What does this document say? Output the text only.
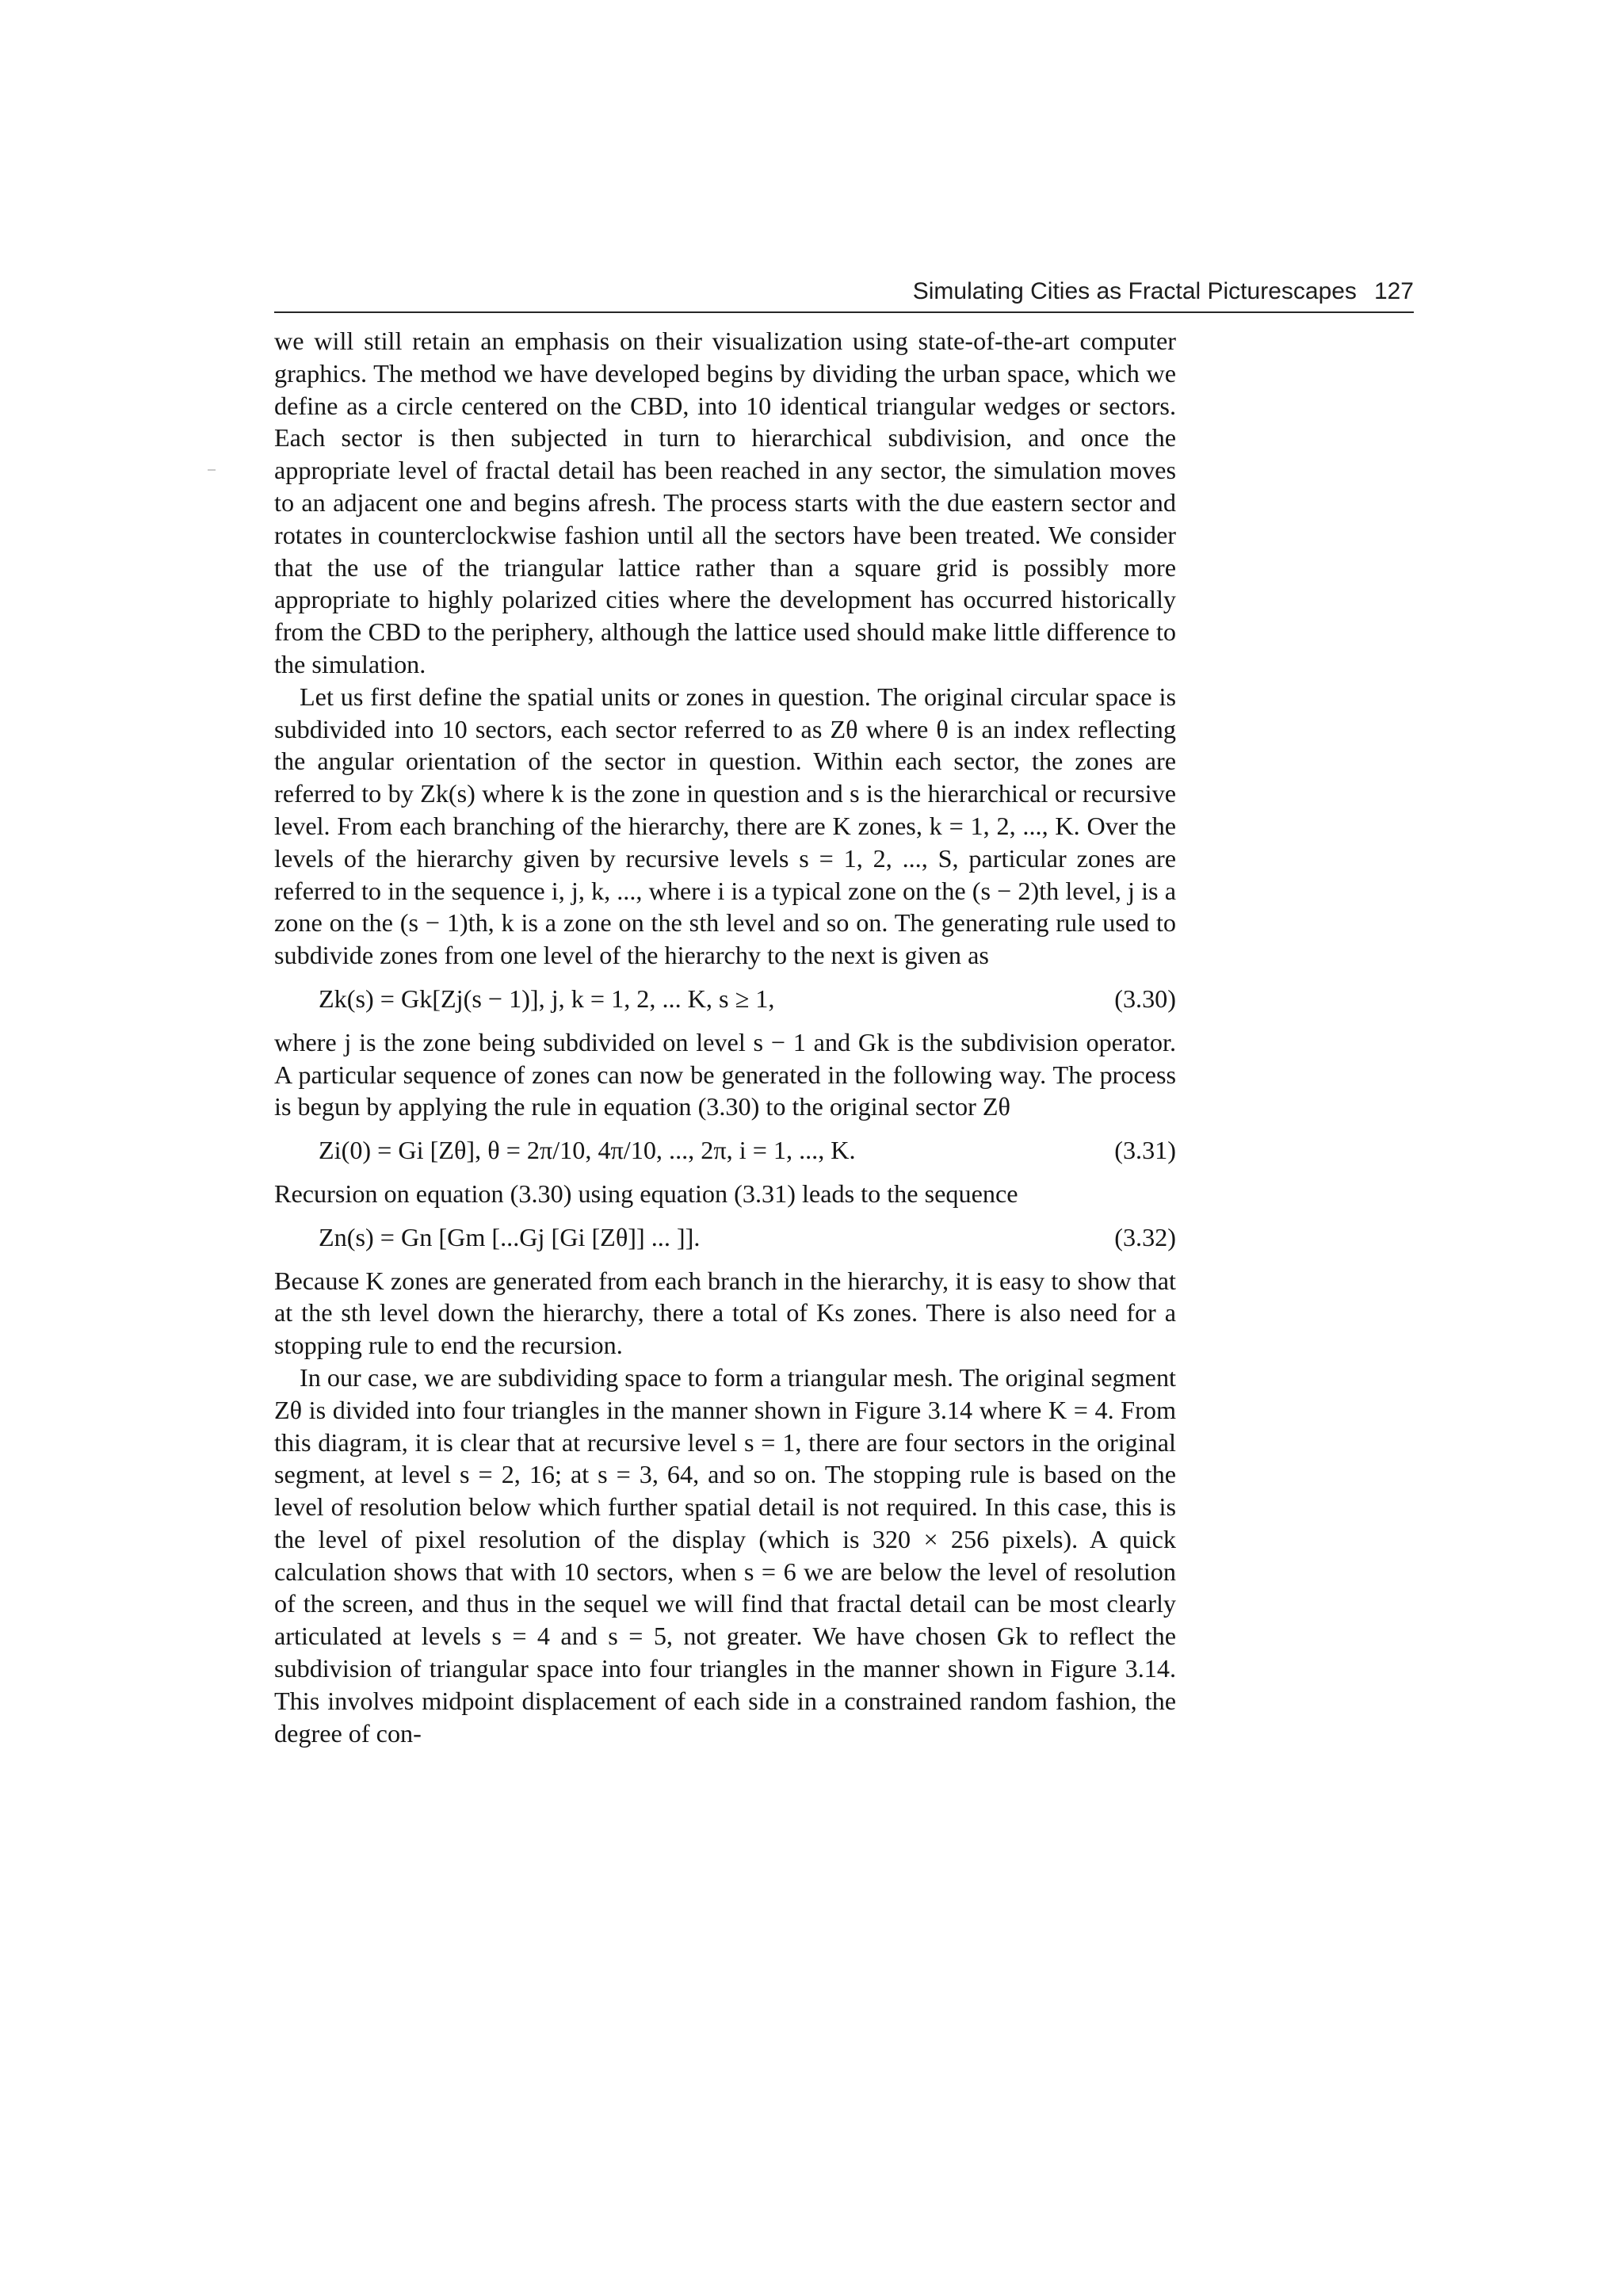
Simulating Cities as Fractal Picturescapes 127

we will still retain an emphasis on their visualization using state-of-the-art computer graphics. The method we have developed begins by dividing the urban space, which we define as a circle centered on the CBD, into 10 identical triangular wedges or sectors. Each sector is then subjected in turn to hierarchical subdivision, and once the appropriate level of fractal detail has been reached in any sector, the simulation moves to an adjacent one and begins afresh. The process starts with the due eastern sector and rotates in counterclockwise fashion until all the sectors have been treated. We consider that the use of the triangular lattice rather than a square grid is possibly more appropriate to highly polarized cities where the development has occurred historically from the CBD to the periphery, although the lattice used should make little difference to the simulation.

Let us first define the spatial units or zones in question. The original circular space is subdivided into 10 sectors, each sector referred to as Zθ where θ is an index reflecting the angular orientation of the sector in question. Within each sector, the zones are referred to by Zk(s) where k is the zone in question and s is the hierarchical or recursive level. From each branching of the hierarchy, there are K zones, k = 1, 2, ..., K. Over the levels of the hierarchy given by recursive levels s = 1, 2, ..., S, particular zones are referred to in the sequence i, j, k, ..., where i is a typical zone on the (s − 2)th level, j is a zone on the (s − 1)th, k is a zone on the sth level and so on. The generating rule used to subdivide zones from one level of the hierarchy to the next is given as

Zk(s) = Gk[Zj(s − 1)], j, k = 1, 2, ... K, s ≥ 1,	(3.30)

where j is the zone being subdivided on level s − 1 and Gk is the subdivision operator. A particular sequence of zones can now be generated in the following way. The process is begun by applying the rule in equation (3.30) to the original sector Zθ

Zi(0) = Gi [Zθ], θ = 2π/10, 4π/10, ..., 2π, i = 1, ..., K.	(3.31)

Recursion on equation (3.30) using equation (3.31) leads to the sequence

Zn(s) = Gn [Gm [...Gj [Gi [Zθ]] ... ]].	(3.32)

Because K zones are generated from each branch in the hierarchy, it is easy to show that at the sth level down the hierarchy, there a total of Ks zones. There is also need for a stopping rule to end the recursion.

In our case, we are subdividing space to form a triangular mesh. The original segment Zθ is divided into four triangles in the manner shown in Figure 3.14 where K = 4. From this diagram, it is clear that at recursive level s = 1, there are four sectors in the original segment, at level s = 2, 16; at s = 3, 64, and so on. The stopping rule is based on the level of resolution below which further spatial detail is not required. In this case, this is the level of pixel resolution of the display (which is 320 × 256 pixels). A quick calculation shows that with 10 sectors, when s = 6 we are below the level of resolution of the screen, and thus in the sequel we will find that fractal detail can be most clearly articulated at levels s = 4 and s = 5, not greater. We have chosen Gk to reflect the subdivision of triangular space into four triangles in the manner shown in Figure 3.14. This involves midpoint displacement of each side in a constrained random fashion, the degree of con-
